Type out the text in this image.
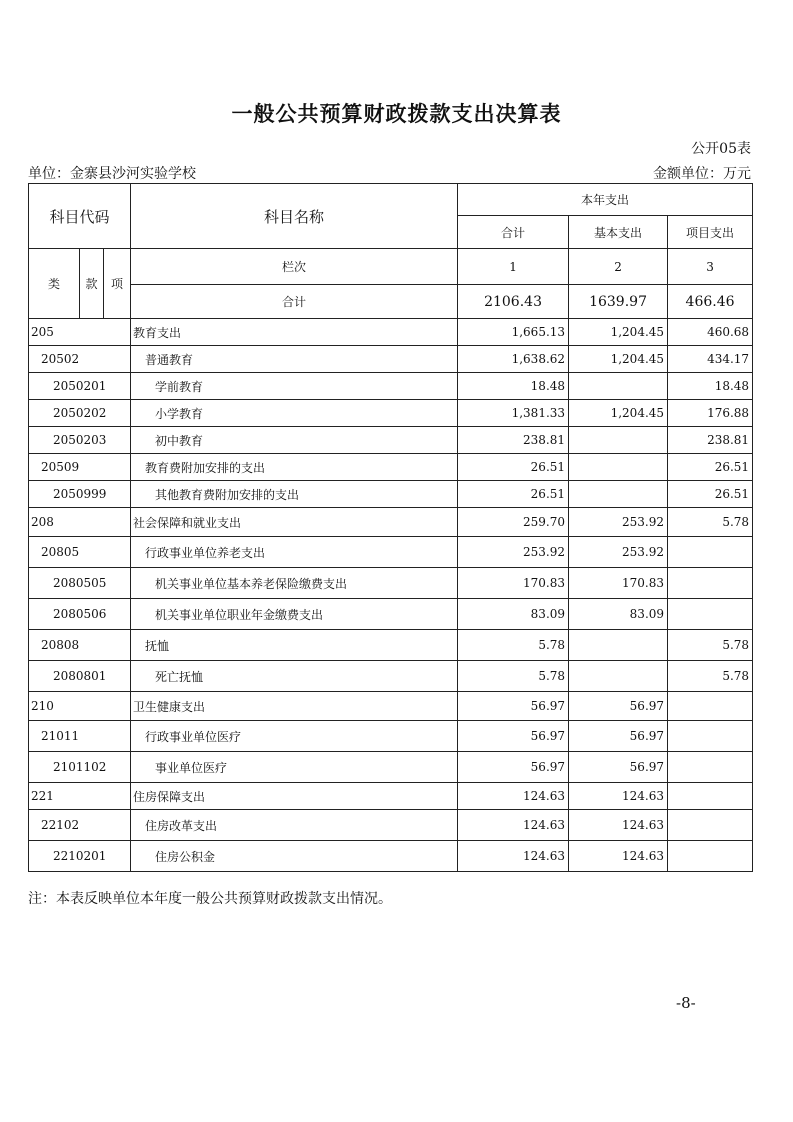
一般公共预算财政拨款支出决算表
公开05表
单位：金寨县沙河实验学校	金额单位：万元
科目代码			科目名称	本年支出		
				合计	基本支出	项目支出
类	款	项	栏次	1	2	3
			合计	2106.43	1639.97	466.46
205			教育支出	1,665.13	1,204.45	460.68
20502			普通教育	1,638.62	1,204.45	434.17
2050201			学前教育	18.48		18.48
2050202			小学教育	1,381.33	1,204.45	176.88
2050203			初中教育	238.81		238.81
20509			教育费附加安排的支出	26.51		26.51
2050999			其他教育费附加安排的支出	26.51		26.51
208			社会保障和就业支出	259.70	253.92	5.78
20805			行政事业单位养老支出	253.92	253.92	
2080505			机关事业单位基本养老保险缴费支出	170.83	170.83	
2080506			机关事业单位职业年金缴费支出	83.09	83.09	
20808			抚恤	5.78		5.78
2080801			死亡抚恤	5.78		5.78
210			卫生健康支出	56.97	56.97	
21011			行政事业单位医疗	56.97	56.97	
2101102			事业单位医疗	56.97	56.97	
221			住房保障支出	124.63	124.63	
22102			住房改革支出	124.63	124.63	
2210201			住房公积金	124.63	124.63	
注：本表反映单位本年度一般公共预算财政拨款支出情况。
-8-
